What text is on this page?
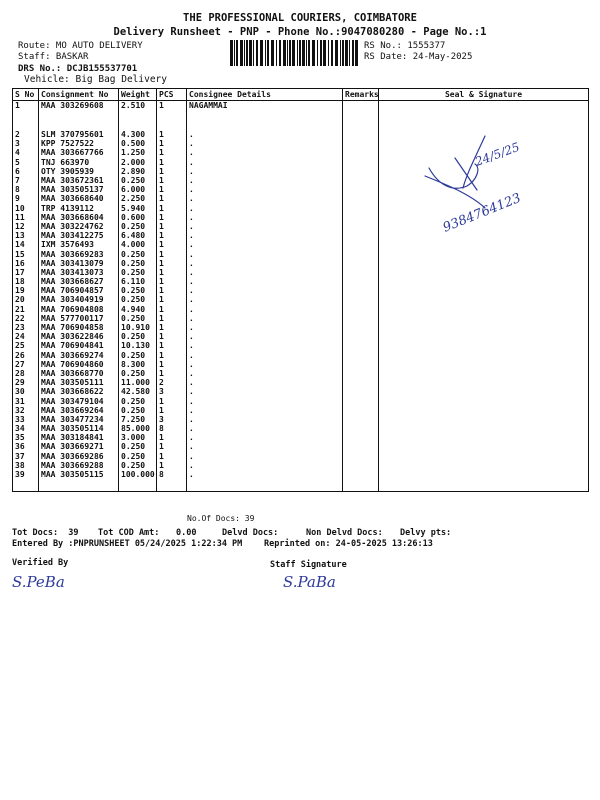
THE PROFESSIONAL COURIERS, COIMBATORE
Delivery Runsheet - PNP - Phone No.:9047080280 - Page No.:1
Route: MO AUTO DELIVERY
Staff: BASKAR
DRS No.: DCJB155537701
Vehicle: Big Bag Delivery
RS No.: 1555377
RS Date: 24-May-2025
S No	Consignment No	Weight	PCS	Consignee Details	Remarks	Seal & Signature
1	MAA 303269608	2.510	1	NAGAMMAI		
2	SLM 370795601	4.300	1	.		
3	KPP 7527522	0.500	1	.		
4	MAA 303667766	1.250	1	.		
5	TNJ 663970	2.000	1	.		
6	OTY 3905939	2.890	1	.		
7	MAA 303672361	0.250	1	.		
8	MAA 303505137	6.000	1	.		
9	MAA 303668640	2.250	1	.		
10	TRP 4139112	5.940	1	.		
11	MAA 303668604	0.600	1	.		
12	MAA 303224762	0.250	1	.		
13	MAA 303412275	6.480	1	.		
14	IXM 3576493	4.000	1	.		
15	MAA 303669283	0.250	1	.		
16	MAA 303413079	0.250	1	.		
17	MAA 303413073	0.250	1	.		
18	MAA 303668627	6.110	1	.		
19	MAA 706904857	0.250	1	.		
20	MAA 303404919	0.250	1	.		
21	MAA 706904808	4.940	1	.		
22	MAA 577700117	0.250	1	.		
23	MAA 706904858	10.910	1	.		
24	MAA 303622846	0.250	1	.		
25	MAA 706904841	10.130	1	.		
26	MAA 303669274	0.250	1	.		
27	MAA 706904860	8.300	1	.		
28	MAA 303668770	0.250	1	.		
29	MAA 303505111	11.000	2	.		
30	MAA 303668622	42.580	3	.		
31	MAA 303479104	0.250	1	.		
32	MAA 303669264	0.250	1	.		
33	MAA 303477234	7.250	3	.		
34	MAA 303505114	85.000	8	.		
35	MAA 303184841	3.000	1	.		
36	MAA 303669271	0.250	1	.		
37	MAA 303669286	0.250	1	.		
38	MAA 303669288	0.250	1	.		
39	MAA 303505115	100.000	8	.		

No.Of Docs: 39
24/5/25
9384764123
Tot Docs:  39 Tot COD Amt: 0.00	Delvd Docs:	Non Delvd Docs: Delvy pts:
Entered By :PNPRUNSHEET 05/24/2025 1:22:34 PM	Reprinted on: 24-05-2025 13:26:13
Verified By
S.PeBa
Staff Signature
S.PaBa
